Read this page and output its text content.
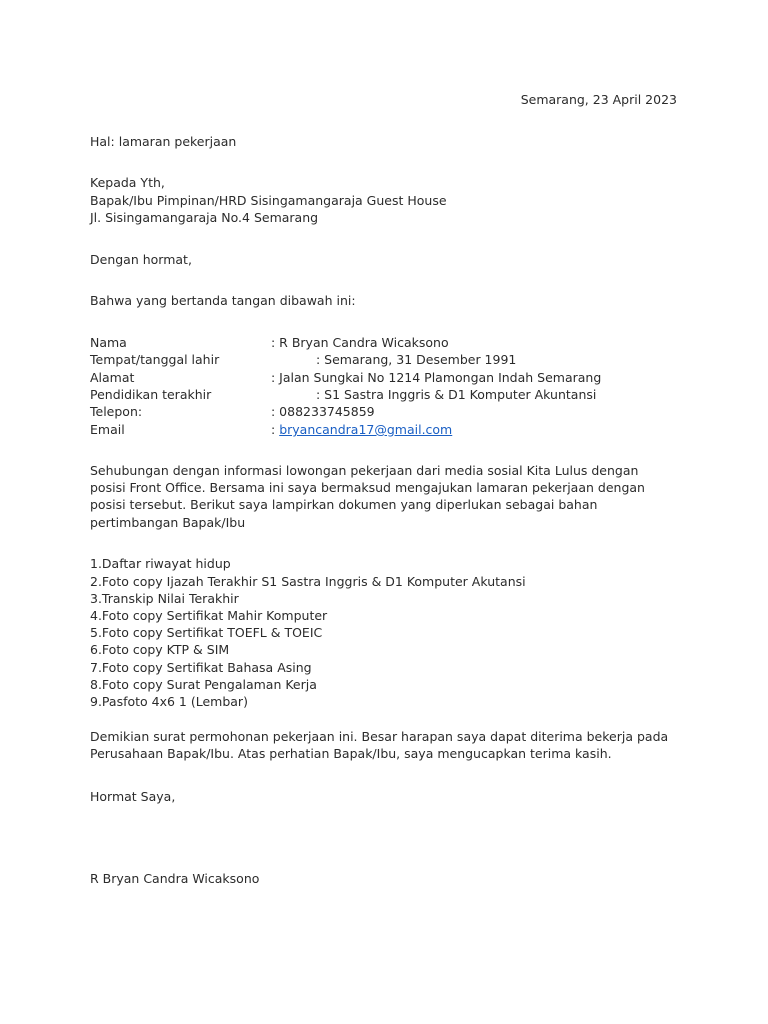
Semarang, 23 April 2023
Hal: lamaran pekerjaan
Kepada Yth,
Bapak/Ibu Pimpinan/HRD Sisingamangaraja Guest House
Jl. Sisingamangaraja No.4 Semarang
Dengan hormat,
Bahwa yang bertanda tangan dibawah ini:
Nama	: R Bryan Candra Wicaksono
Tempat/tanggal lahir	: Semarang, 31 Desember 1991
Alamat	: Jalan Sungkai No 1214 Plamongan Indah Semarang
Pendidikan terakhir	: S1 Sastra Inggris & D1 Komputer Akuntansi
Telepon:	: 088233745859
Email	: bryancandra17@gmail.com
Sehubungan dengan informasi lowongan pekerjaan dari media sosial Kita Lulus dengan
posisi Front Office. Bersama ini saya bermaksud mengajukan lamaran pekerjaan dengan
posisi tersebut. Berikut saya lampirkan dokumen yang diperlukan sebagai bahan
pertimbangan Bapak/Ibu
1.Daftar riwayat hidup
2.Foto copy Ijazah Terakhir S1 Sastra Inggris & D1 Komputer Akutansi
3.Transkip Nilai Terakhir
4.Foto copy Sertifikat Mahir Komputer
5.Foto copy Sertifikat TOEFL & TOEIC
6.Foto copy KTP & SIM
7.Foto copy Sertifikat Bahasa Asing
8.Foto copy Surat Pengalaman Kerja
9.Pasfoto 4x6 1 (Lembar)
Demikian surat permohonan pekerjaan ini. Besar harapan saya dapat diterima bekerja pada
Perusahaan Bapak/Ibu. Atas perhatian Bapak/Ibu, saya mengucapkan terima kasih.
Hormat Saya,
R Bryan Candra Wicaksono
